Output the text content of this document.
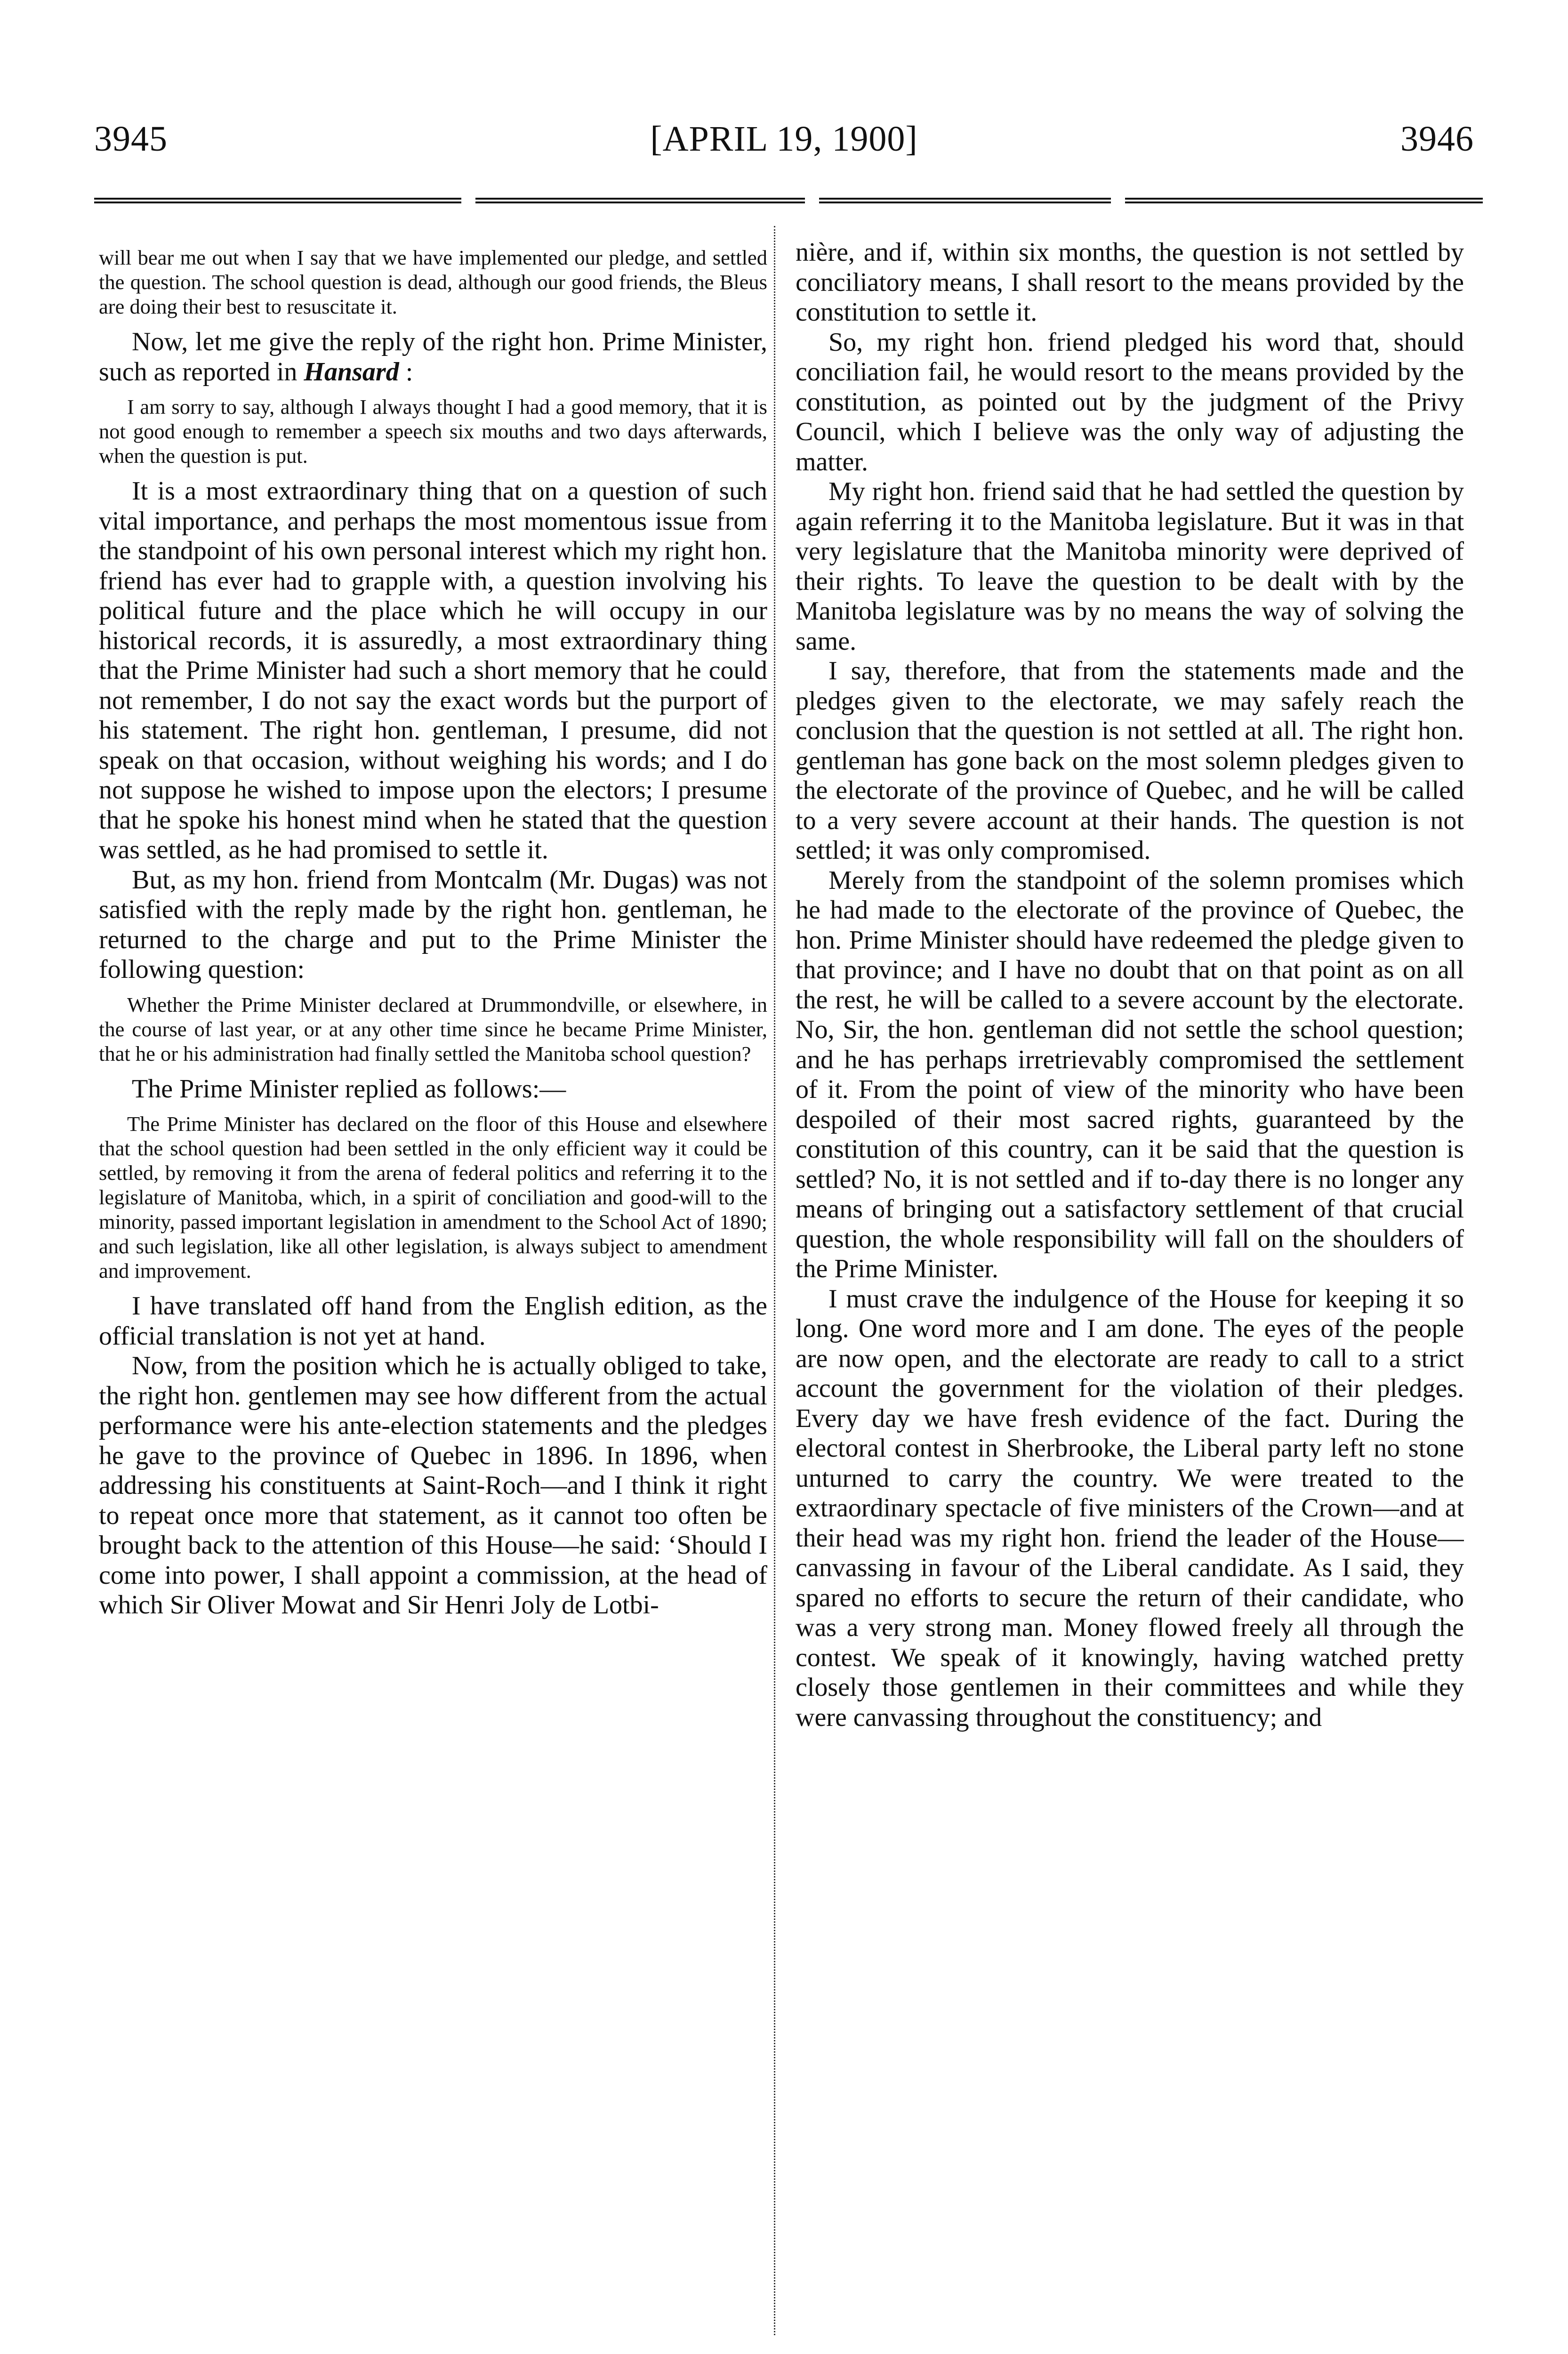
3945	[APRIL 19, 1900]	3946

will bear me out when I say that we have implemented our pledge, and settled the question. The school question is dead, although our good friends, the Bleus are doing their best to resuscitate it.

Now, let me give the reply of the right hon. Prime Minister, such as reported in Hansard :

I am sorry to say, although I always thought I had a good memory, that it is not good enough to remember a speech six mouths and two days afterwards, when the question is put.

It is a most extraordinary thing that on a question of such vital importance, and perhaps the most momentous issue from the standpoint of his own personal interest which my right hon. friend has ever had to grapple with, a question involving his political future and the place which he will occupy in our historical records, it is assuredly, a most extraordinary thing that the Prime Minister had such a short memory that he could not remember, I do not say the exact words but the purport of his statement. The right hon. gentleman, I presume, did not speak on that occasion, without weighing his words; and I do not suppose he wished to impose upon the electors; I presume that he spoke his honest mind when he stated that the question was settled, as he had promised to settle it.

But, as my hon. friend from Montcalm (Mr. Dugas) was not satisfied with the reply made by the right hon. gentleman, he returned to the charge and put to the Prime Minister the following question:

Whether the Prime Minister declared at Drummondville, or elsewhere, in the course of last year, or at any other time since he became Prime Minister, that he or his administration had finally settled the Manitoba school question?

The Prime Minister replied as follows:—

The Prime Minister has declared on the floor of this House and elsewhere that the school question had been settled in the only efficient way it could be settled, by removing it from the arena of federal politics and referring it to the legislature of Manitoba, which, in a spirit of conciliation and good-will to the minority, passed important legislation in amendment to the School Act of 1890; and such legislation, like all other legislation, is always subject to amendment and improvement.

I have translated off hand from the English edition, as the official translation is not yet at hand.

Now, from the position which he is actually obliged to take, the right hon. gentlemen may see how different from the actual performance were his ante-election statements and the pledges he gave to the province of Quebec in 1896. In 1896, when addressing his constituents at Saint-Roch—and I think it right to repeat once more that statement, as it cannot too often be brought back to the attention of this House—he said: ‘Should I come into power, I shall appoint a commission, at the head of which Sir Oliver Mowat and Sir Henri Joly de Lotbi-

nière, and if, within six months, the question is not settled by conciliatory means, I shall resort to the means provided by the constitution to settle it.

So, my right hon. friend pledged his word that, should conciliation fail, he would resort to the means provided by the constitution, as pointed out by the judgment of the Privy Council, which I believe was the only way of adjusting the matter.

My right hon. friend said that he had settled the question by again referring it to the Manitoba legislature. But it was in that very legislature that the Manitoba minority were deprived of their rights. To leave the question to be dealt with by the Manitoba legislature was by no means the way of solving the same.

I say, therefore, that from the statements made and the pledges given to the electorate, we may safely reach the conclusion that the question is not settled at all. The right hon. gentleman has gone back on the most solemn pledges given to the electorate of the province of Quebec, and he will be called to a very severe account at their hands. The question is not settled; it was only compromised.

Merely from the standpoint of the solemn promises which he had made to the electorate of the province of Quebec, the hon. Prime Minister should have redeemed the pledge given to that province; and I have no doubt that on that point as on all the rest, he will be called to a severe account by the electorate. No, Sir, the hon. gentleman did not settle the school question; and he has perhaps irretrievably compromised the settlement of it. From the point of view of the minority who have been despoiled of their most sacred rights, guaranteed by the constitution of this country, can it be said that the question is settled? No, it is not settled and if to-day there is no longer any means of bringing out a satisfactory settlement of that crucial question, the whole responsibility will fall on the shoulders of the Prime Minister.

I must crave the indulgence of the House for keeping it so long. One word more and I am done. The eyes of the people are now open, and the electorate are ready to call to a strict account the government for the violation of their pledges. Every day we have fresh evidence of the fact. During the electoral contest in Sherbrooke, the Liberal party left no stone unturned to carry the country. We were treated to the extraordinary spectacle of five ministers of the Crown—and at their head was my right hon. friend the leader of the House—canvassing in favour of the Liberal candidate. As I said, they spared no efforts to secure the return of their candidate, who was a very strong man. Money flowed freely all through the contest. We speak of it knowingly, having watched pretty closely those gentlemen in their committees and while they were canvassing throughout the constituency; and
